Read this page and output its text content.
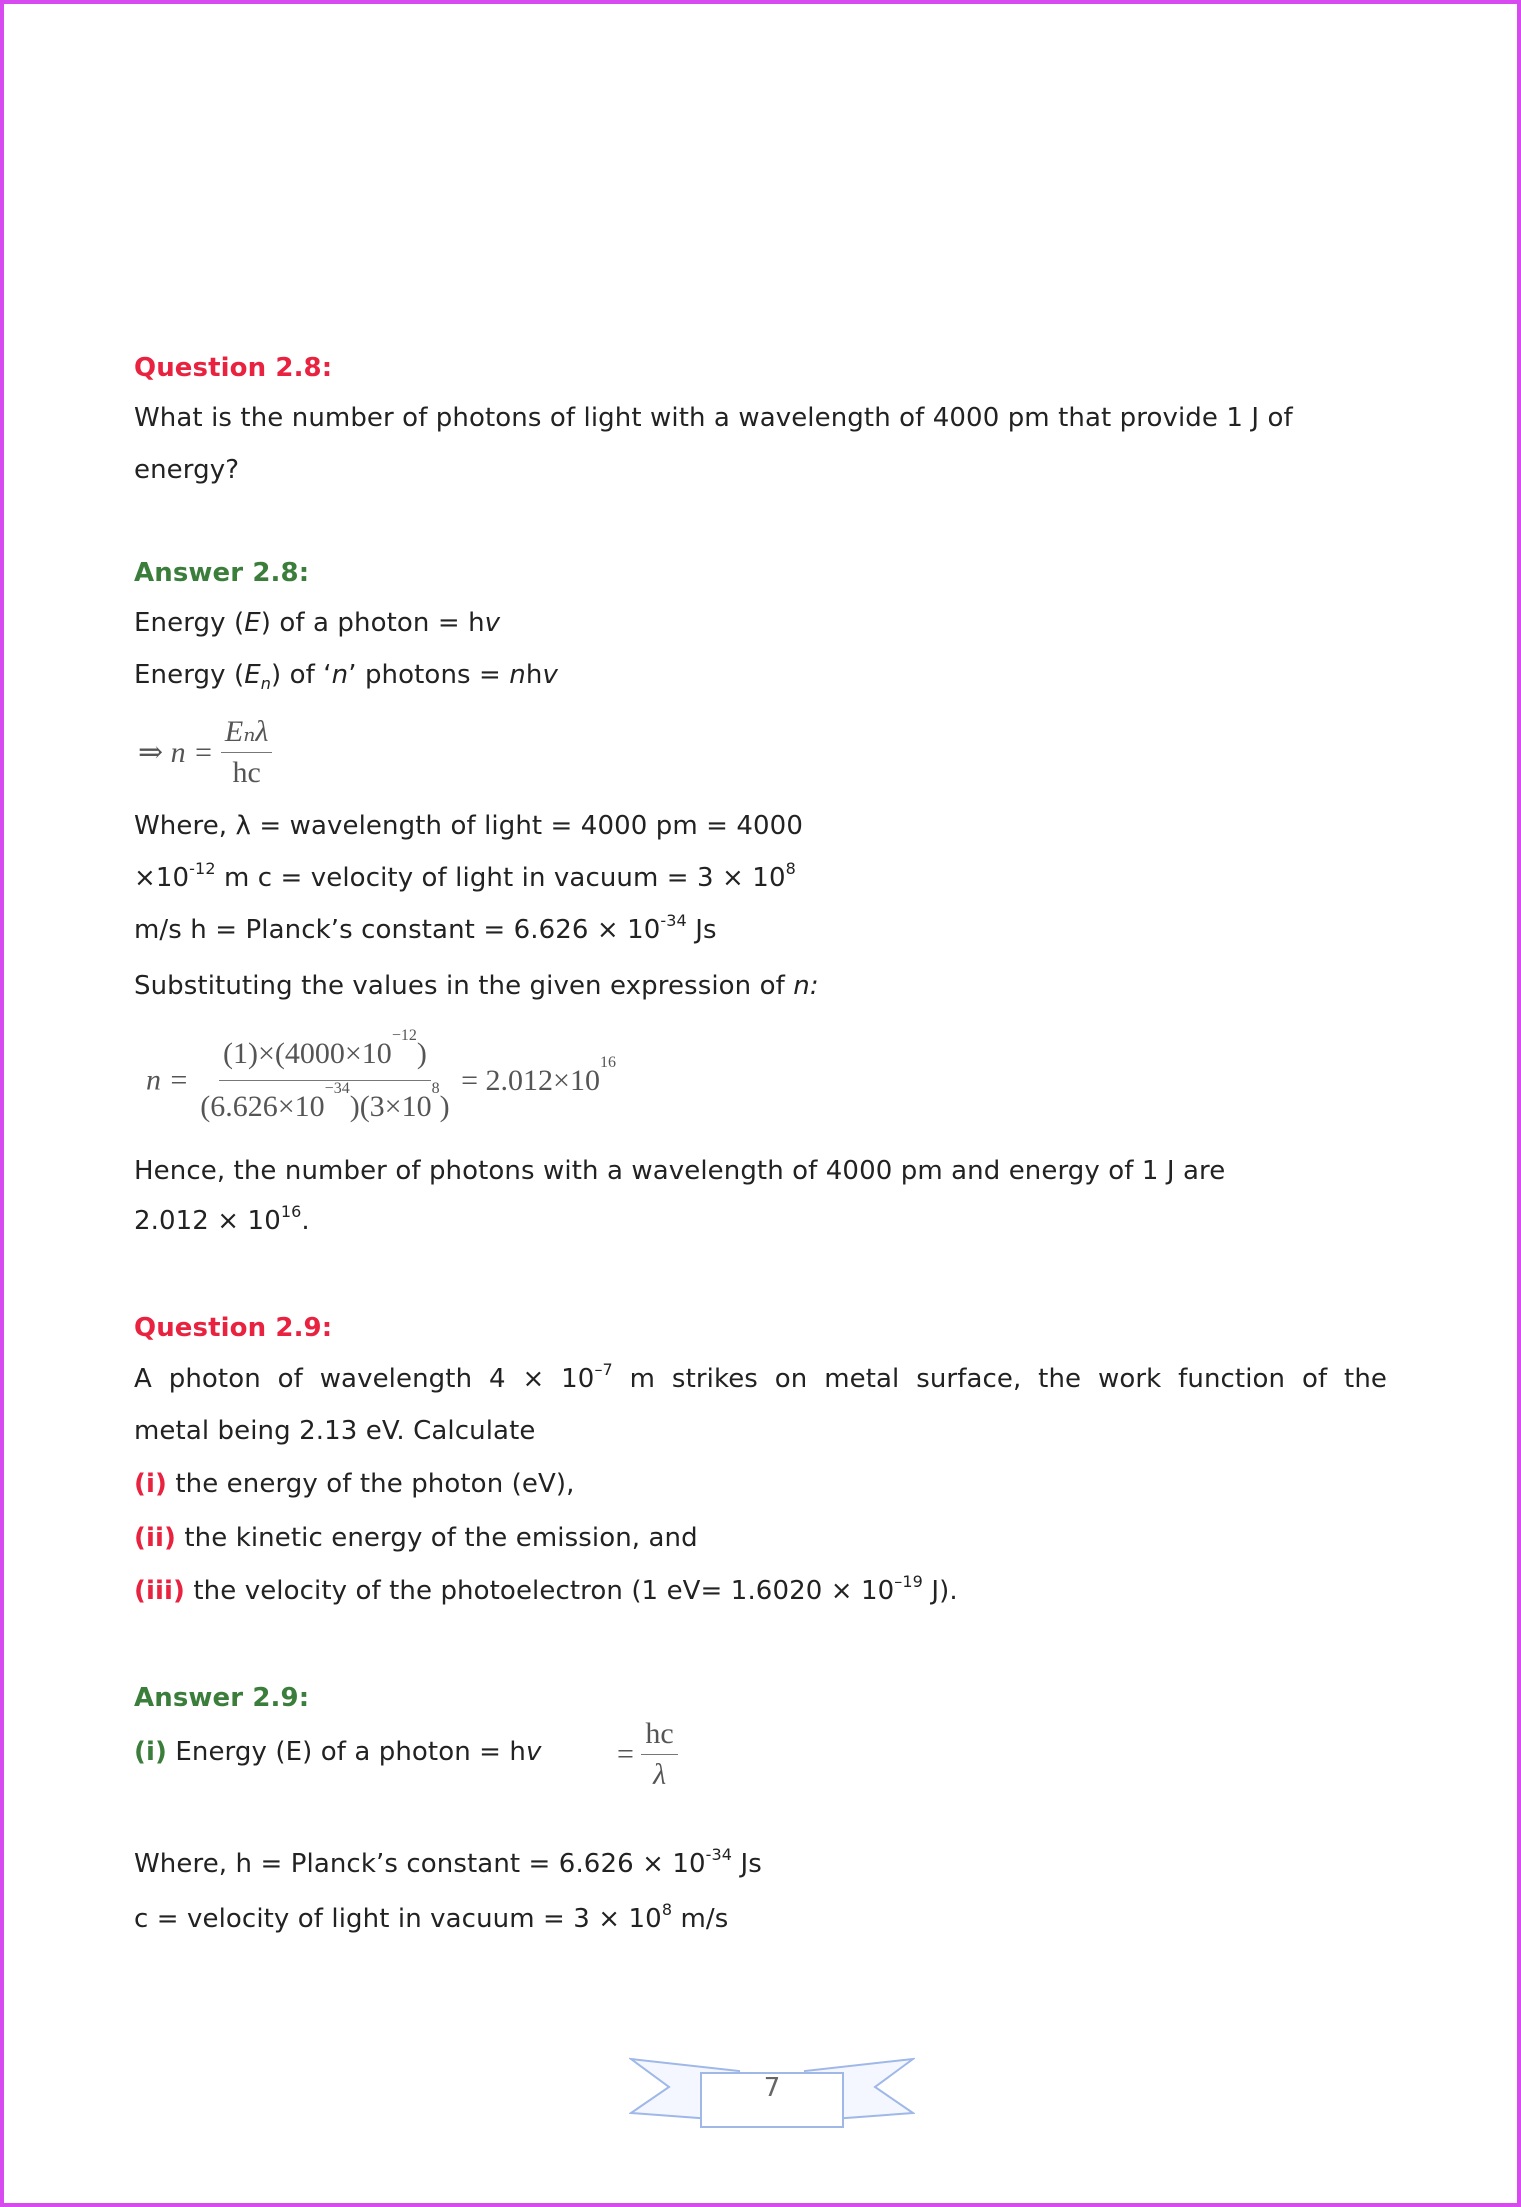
Question 2.8:
What is the number of photons of light with a wavelength of 4000 pm that provide 1 J of
energy?
Answer 2.8:
Energy (E) of a photon = hv
Energy $(E_n)$ of ‘n’ photons = nhv
⇒ $n = \frac{\text{Eₙλ}}{hc}$
Where, λ = wavelength of light = 4000 pm = 4000
$\times 10^{-12}$ m c = velocity of light in vacuum = $3 \times 10^8$
m/s h = Planck’s constant = $6.626 \times 10^{-34}$ Js
Substituting the values in the given expression of n:
$n = \frac{(1)\times(4000\times 10^{-12})}{(6.626\times 10^{-34})(3\times 10^8)} = 2.012\times 10^{16}$
Hence, the number of photons with a wavelength of 4000 pm and energy of 1 J are
$2.012 \times 10^{16}$.
Question 2.9:
A photon of wavelength $4 \times 10^{-7}$ m strikes on metal surface, the work function of the
metal being 2.13 eV. Calculate
(i) the energy of the photon (eV),
(ii) the kinetic energy of the emission, and
(iii) the velocity of the photoelectron (1 $eV= 1.6020 \times 10^{-19}$ J).
Answer 2.9:
(i) Energy (E) of a photon = hv	= $\frac{hc}{\lambda}$
Where, h = Planck’s constant = $6.626 \times 10^{-34}$ Js
c = velocity of light in vacuum = $3 \times 10^8$ m/s
7
